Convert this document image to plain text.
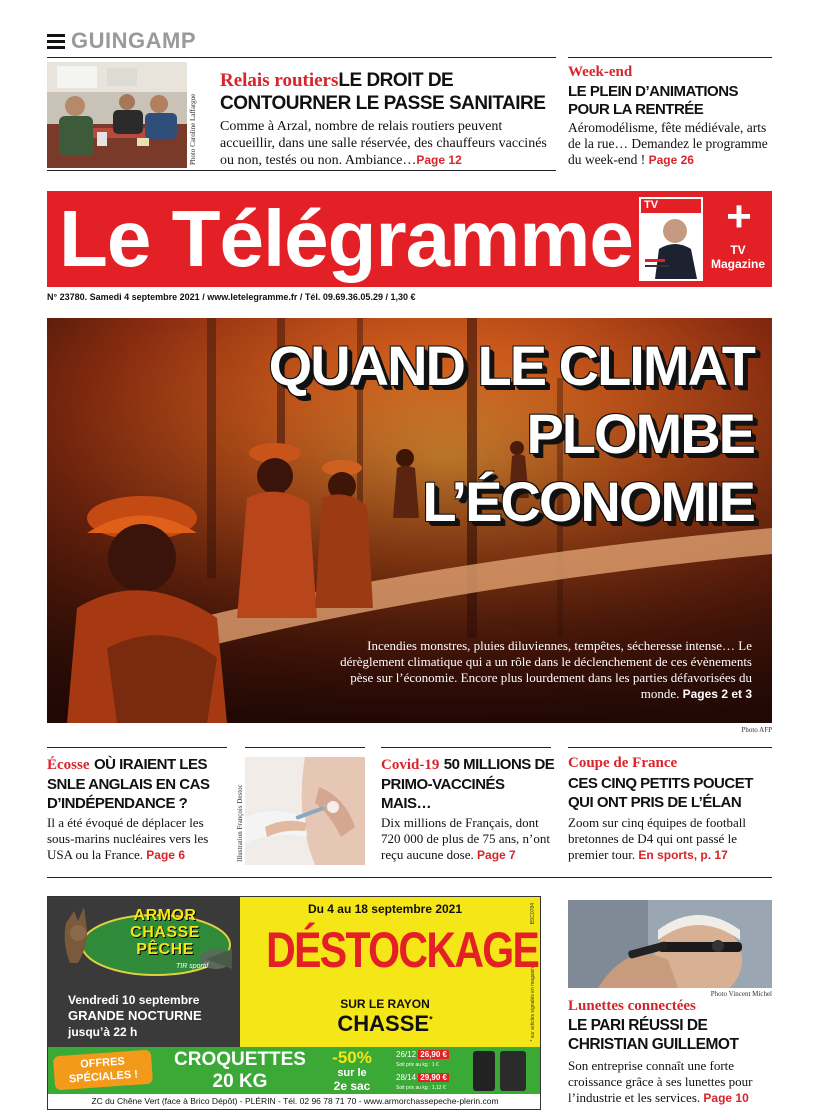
GUINGAMP
Photo Caroline Laffargue
Relais routiersLE DROIT DE CONTOURNER LE PASSE SANITAIRE
Comme à Arzal, nombre de relais routiers peuvent accueillir, dans une salle réservée, des chauffeurs vaccinés ou non, testés ou non. Ambiance…Page 12
Week-end
LE PLEIN D’ANIMATIONS POUR LA RENTRÉE
Aéromodélisme, fête médiévale, arts de la rue… Demandez le programme du week-end ! Page 26
Le Télégramme TV +
TV
Magazine
N° 23780. Samedi 4 septembre 2021 / www.letelegramme.fr / Tél. 09.69.36.05.29 / 1,30 €
QUAND LE CLIMAT
PLOMBE
L’ÉCONOMIE
Incendies monstres, pluies diluviennes, tempêtes, sécheresse intense… Le dérèglement climatique qui a un rôle dans le déclenchement de ces évènements pèse sur l’économie. Encore plus lourdement dans les parties défavorisées du monde. Pages 2 et 3
Photo AFP
Écosse OÙ IRAIENT LES SNLE ANGLAIS EN CAS D’INDÉPENDANCE ?
Il a été évoqué de déplacer les sous-marins nucléaires vers les USA ou la France. Page 6	Illustration François Destoc
Covid-19 50 MILLIONS DE PRIMO-VACCINÉS MAIS…
Dix millions de Français, dont 720 000 de plus de 75 ans, n’ont reçu aucune dose. Page 7
Coupe de France
CES CINQ PETITS POUCET QUI ONT PRIS DE L’ÉLAN
Zoom sur cinq équipes de football bretonnes de D4 qui ont passé le premier tour. En sports, p. 17
ARMOR
CHASSE
PÊCHE
TIR sportif
Vendredi 10 septembre
GRANDE NOCTURNE
jusqu’à 22 h
Du 4 au 18 septembre 2021
DÉSTOCKAGE
SUR LE RAYON
CHASSE*	* sur articles signalés en magasin
BSC0784
OFFRES SPÉCIALES !
CROQUETTES
20 KG
-50%
sur le
2e sac
26/12 26,90 €
Soit prix au kg : 1 €
28/14 29,90 €
Soit prix au kg : 1,12 €
ZC du Chêne Vert (face à Brico Dépôt) - PLÉRIN - Tél. 02 96 78 71 70 - www.armorchassepeche-plerin.com
Photo Vincent Michel
Lunettes connectées
LE PARI RÉUSSI DE CHRISTIAN GUILLEMOT
Son entreprise connaît une forte croissance grâce à ses lunettes pour l’industrie et les services. Page 10
